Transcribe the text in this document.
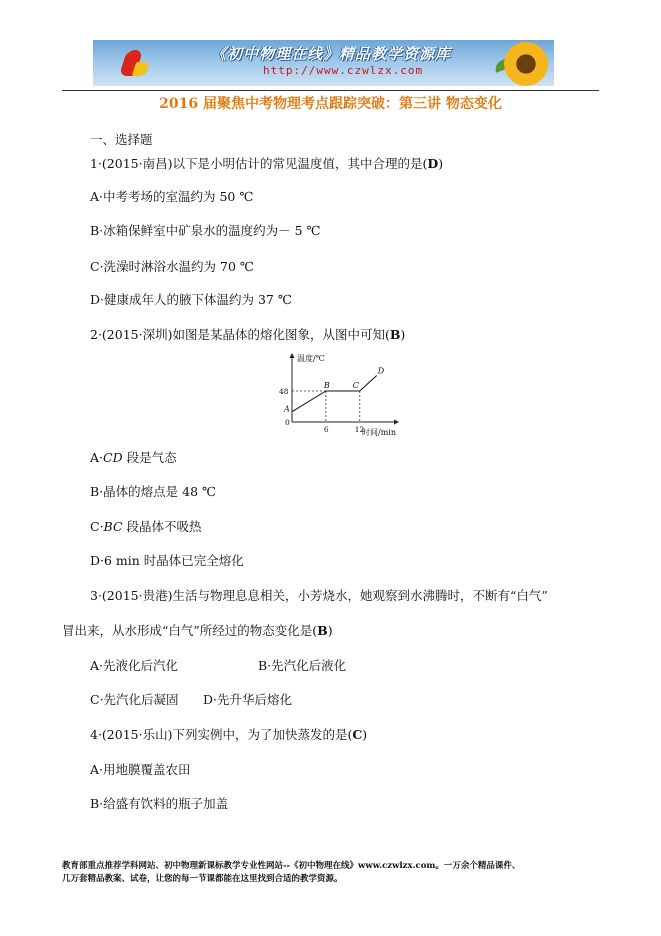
《初中物理在线》精品教学资源库
http://www.czwlzx.com
2016 届聚焦中考物理考点跟踪突破：第三讲 物态变化
一、选择题
1·(2015·南昌)以下是小明估计的常见温度值，其中合理的是(D)
A·中考考场的室温约为 50 ℃
B·冰箱保鲜室中矿泉水的温度约为－ 5 ℃
C·洗澡时淋浴水温约为 70 ℃
D·健康成年人的腋下体温约为 37 ℃
2·(2015·深圳)如图是某晶体的熔化图象，从图中可知(B)
温度/℃
时间/min
0
48
6	12
A
B	C
D
A·CD 段是气态
B·晶体的熔点是 48 ℃
C·BC 段晶体不吸热
D·6 min 时晶体已完全熔化
3·(2015·贵港)生活与物理息息相关，小芳烧水，她观察到水沸腾时，不断有“白气”
冒出来，从水形成“白气”所经过的物态变化是(B)
A·先液化后汽化	B·先汽化后液化
C·先汽化后凝固 D·先升华后熔化
4·(2015·乐山)下列实例中，为了加快蒸发的是(C)
A·用地膜覆盖农田
B·给盛有饮料的瓶子加盖
教育部重点推荐学科网站、初中物理新课标教学专业性网站--《初中物理在线》www.czwlzx.com。一万余个精品课件、
几万套精品教案、试卷，让您的每一节课都能在这里找到合适的教学资源。
